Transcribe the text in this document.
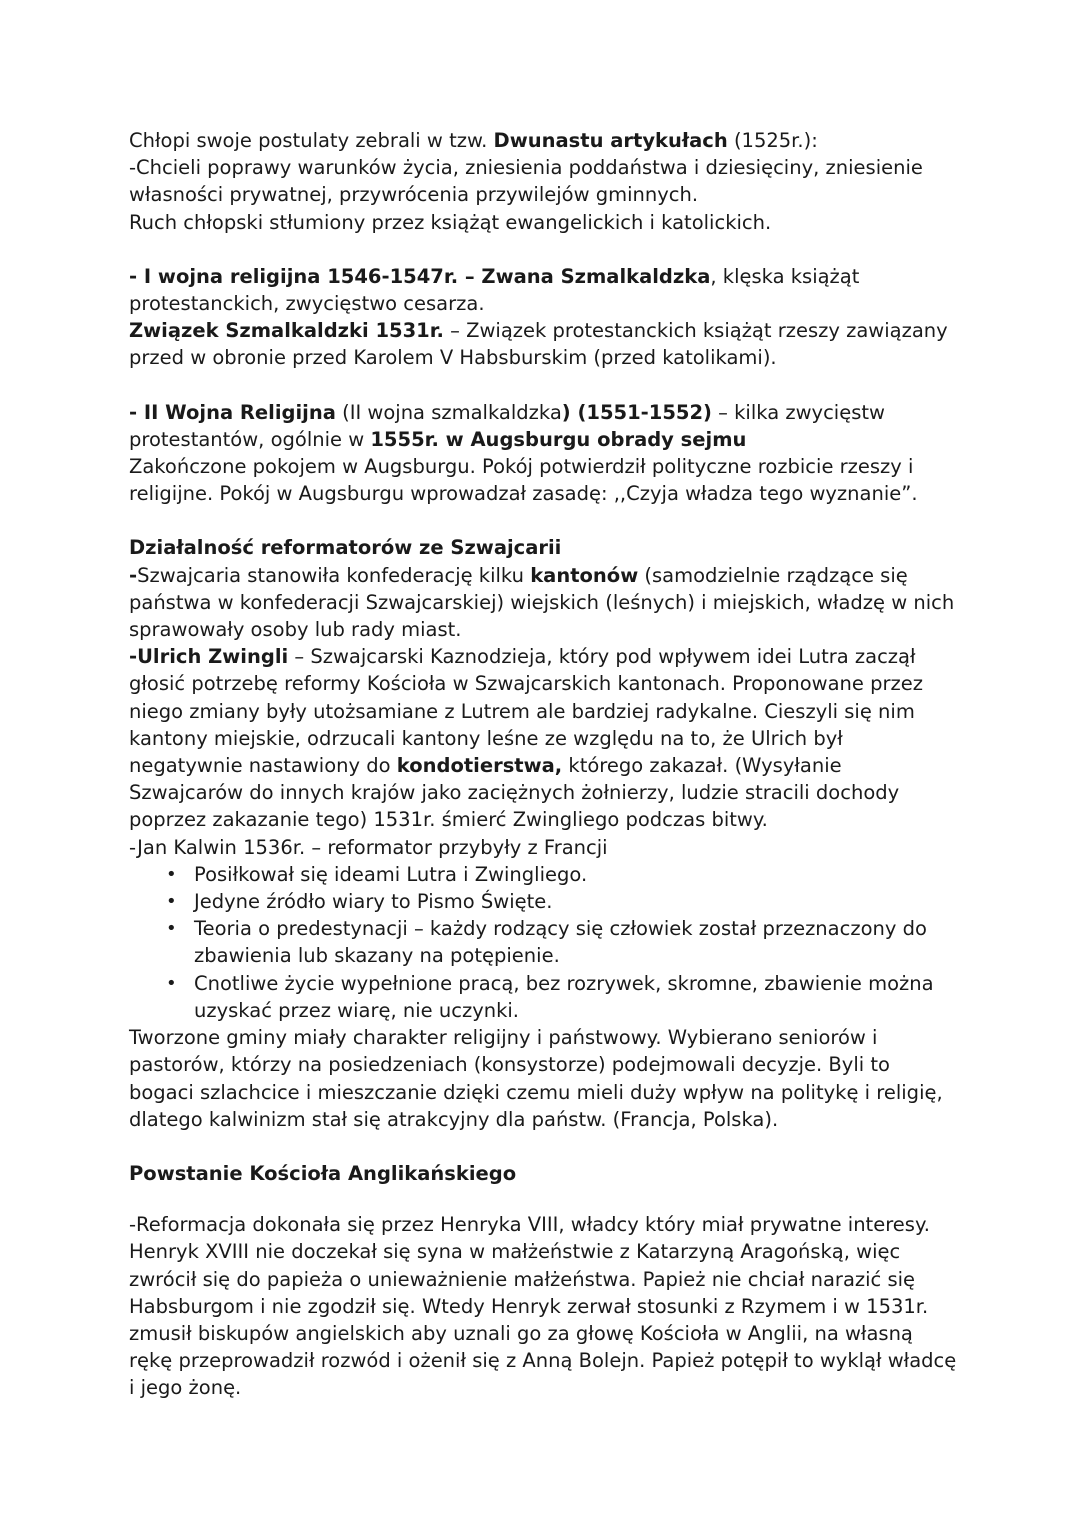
Chłopi swoje postulaty zebrali w tzw. Dwunastu artykułach (1525r.):

-Chcieli poprawy warunków życia, zniesienia poddaństwa i dziesięciny, zniesienie własności prywatnej, przywrócenia przywilejów gminnych.

Ruch chłopski stłumiony przez książąt ewangelickich i katolickich.

- I wojna religijna 1546-1547r. – Zwana Szmalkaldzka, klęska książąt protestanckich, zwycięstwo cesarza.

Związek Szmalkaldzki 1531r. – Związek protestanckich książąt rzeszy zawiązany przed w obronie przed Karolem V Habsburskim (przed katolikami).

- II Wojna Religijna (II wojna szmalkaldzka) (1551-1552) – kilka zwycięstw protestantów, ogólnie w 1555r. w Augsburgu obrady sejmu

Zakończone pokojem w Augsburgu. Pokój potwierdził polityczne rozbicie rzeszy i religijne. Pokój w Augsburgu wprowadzał zasadę: ,,Czyja władza tego wyznanie”.

Działalność reformatorów ze Szwajcarii

-Szwajcaria stanowiła konfederację kilku kantonów (samodzielnie rządzące się państwa w konfederacji Szwajcarskiej) wiejskich (leśnych) i miejskich, władzę w nich sprawowały osoby lub rady miast.

-Ulrich Zwingli – Szwajcarski Kaznodzieja, który pod wpływem idei Lutra zaczął głosić potrzebę reformy Kościoła w Szwajcarskich kantonach. Proponowane przez niego zmiany były utożsamiane z Lutrem ale bardziej radykalne. Cieszyli się nim kantony miejskie, odrzucali kantony leśne ze względu na to, że Ulrich był negatywnie nastawiony do kondotierstwa, którego zakazał. (Wysyłanie Szwajcarów do innych krajów jako zaciężnych żołnierzy, ludzie stracili dochody poprzez zakazanie tego) 1531r. śmierć Zwingliego podczas bitwy.

-Jan Kalwin 1536r. – reformator przybyły z Francji

• Posiłkował się ideami Lutra i Zwingliego.
• Jedyne źródło wiary to Pismo Święte.
• Teoria o predestynacji – każdy rodzący się człowiek został przeznaczony do zbawienia lub skazany na potępienie.
• Cnotliwe życie wypełnione pracą, bez rozrywek, skromne, zbawienie można uzyskać przez wiarę, nie uczynki.

Tworzone gminy miały charakter religijny i państwowy. Wybierano seniorów i pastorów, którzy na posiedzeniach (konsystorze) podejmowali decyzje. Byli to bogaci szlachcice i mieszczanie dzięki czemu mieli duży wpływ na politykę i religię, dlatego kalwinizm stał się atrakcyjny dla państw. (Francja, Polska).

Powstanie Kościoła Anglikańskiego

-Reformacja dokonała się przez Henryka VIII, władcy który miał prywatne interesy. Henryk XVIII nie doczekał się syna w małżeństwie z Katarzyną Aragońską, więc zwrócił się do papieża o unieważnienie małżeństwa. Papież nie chciał narazić się Habsburgom i nie zgodził się. Wtedy Henryk zerwał stosunki z Rzymem i w 1531r. zmusił biskupów angielskich aby uznali go za głowę Kościoła w Anglii, na własną rękę przeprowadził rozwód i ożenił się z Anną Bolejn. Papież potępił to wyklął władcę i jego żonę.
